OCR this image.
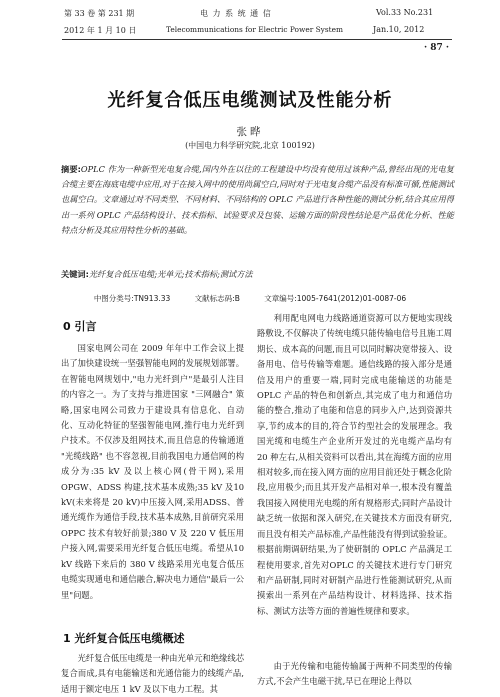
第 33 卷 第 231 期	电 力 系 统 通 信	Vol.33 No.231
2012 年 1 月 10 日	Telecommunications for Electric Power System	Jan.10, 2012
· 87 ·
光纤复合低压电缆测试及性能分析
张晔
(中国电力科学研究院,北京 100192)
摘要:OPLC 作为一种新型光电复合缆,国内外在以往的工程建设中均没有使用过该种产品,曾经出现的光电复合缆主要在海底电缆中应用,对于在接入网中的使用尚属空白,同时对于光电复合缆产品没有标准可循,性能测试也属空白。文章通过对不同类型、不同材料、不同结构的 OPLC 产品进行各种性能的测试分析,结合其应用得出一系列 OPLC 产品结构设计、技术指标、试验要求及包装、运输方面的阶段性结论是产品优化分析、性能特点分析及其应用特性分析的基础。
关键词:光纤复合低压电缆;光单元;技术指标;测试方法
中图分类号:TN913.33	文献标志码:B	文章编号:1005-7641(2012)01-0087-06
0 引言
国家电网公司在 2009 年年中工作会议上提出了加快建设统一坚强智能电网的发展规划部署。在智能电网规划中,"电力光纤到户"是最引人注目的内容之一。为了支持与推进国家 "三网融合" 策略,国家电网公司致力于建设具有信息化、自动化、互动化特征的坚强智能电网,推行电力光纤到户技术。不仅涉及组网技术,而且信息的传输通道 "光缆线路" 也不容忽视,目前我国电力通信网的构成分为:35 kV 及以上核心网(骨干网),采用 OPGW、ADSS 构建,技术基本成熟;35 kV 及10 kV(未来将是 20 kV)中压接入网,采用ADSS、普通光缆作为通信手段,技术基本成熟,目前研究采用 OPPC 技术有较好前景;380 V 及 220 V 低压用户接入网,需要采用光纤复合低压电缆。希望从10 kV 线路下来后的 380 V 线路采用光电复合低压电缆实现通电和通信融合,解决电力通信"最后一公里"问题。
1 光纤复合低压电缆概述
光纤复合低压电缆是一种由光单元和绝缘线芯复合而成,具有电能输送和光通信能力的线缆产品,适用于额定电压 1 kV 及以下电力工程。其
利用配电网电力线路通道资源可以方便地实现线路敷设,不仅解决了传统电缆只能传输电信号且施工周期长、成本高的问题,而且可以同时解决宽带接入、设备用电、信号传输等难题。通信线路的接入部分是通信及用户的重要一端,同时完成电能输送的功能是 OPLC 产品的特色和创新点,其完成了电力和通信功能的整合,推动了电能和信息的同步入户,达到资源共享,节约成本的目的,符合节约型社会的发展理念。我国光缆和电缆生产企业所开发过的光电缆产品均有 20 种左右,从相关资料可以看出,其在海缆方面的应用相对较多,而在接入网方面的应用目前还处于概念化阶段,应用极少;而且其开发产品相对单一,根本没有覆盖我国接入网使用光电缆的所有规格形式;同时产品设计缺乏统一依据和深入研究,在关键技术方面没有研究,而且没有相关产品标准,产品性能没有得到试验验证。根据前期调研结果,为了使研制的 OPLC 产品满足工程使用要求,首先对OPLC 的关键技术进行专门研究和产品研制,同时对研制产品进行性能测试研究,从而摸索出一系列在产品结构设计、材料选择、技术指标、测试方法等方面的普遍性规律和要求。
由于光传输和电能传输属于两种不同类型的传输方式,不会产生电磁干扰,早已在理论上得以
